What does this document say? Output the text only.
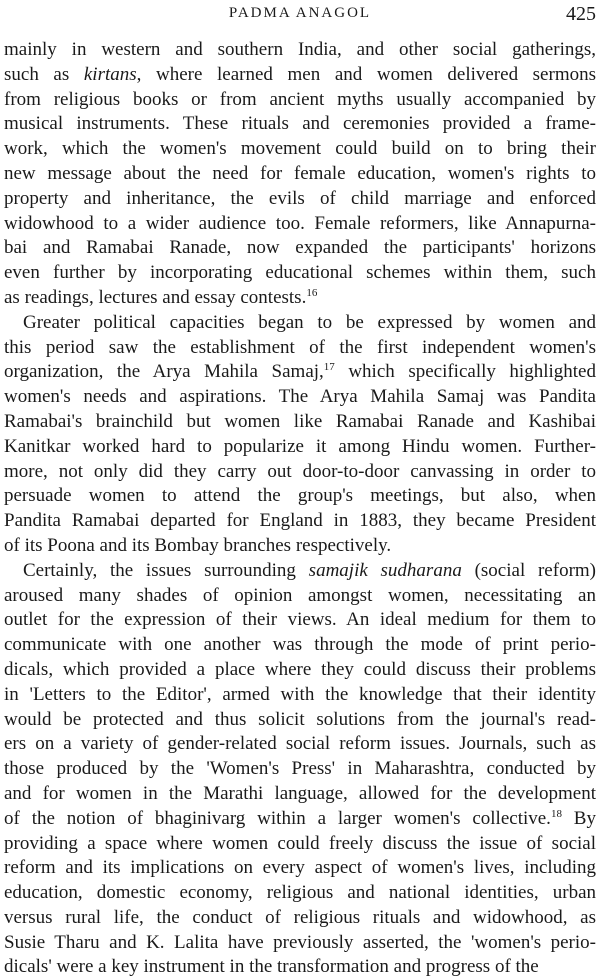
PADMA ANAGOL	425
mainly in western and southern India, and other social gatherings,
such as kirtans, where learned men and women delivered sermons
from religious books or from ancient myths usually accompanied by
musical instruments. These rituals and ceremonies provided a frame-
work, which the women's movement could build on to bring their
new message about the need for female education, women's rights to
property and inheritance, the evils of child marriage and enforced
widowhood to a wider audience too. Female reformers, like Annapurna-
bai and Ramabai Ranade, now expanded the participants' horizons
even further by incorporating educational schemes within them, such
as readings, lectures and essay contests.$^{16}$
Greater political capacities began to be expressed by women and
this period saw the establishment of the first independent women's
organization, the Arya Mahila Samaj,$^{17}$ which specifically highlighted
women's needs and aspirations. The Arya Mahila Samaj was Pandita
Ramabai's brainchild but women like Ramabai Ranade and Kashibai
Kanitkar worked hard to popularize it among Hindu women. Further-
more, not only did they carry out door-to-door canvassing in order to
persuade women to attend the group's meetings, but also, when
Pandita Ramabai departed for England in 1883, they became President
of its Poona and its Bombay branches respectively.
Certainly, the issues surrounding samajik sudharana (social reform)
aroused many shades of opinion amongst women, necessitating an
outlet for the expression of their views. An ideal medium for them to
communicate with one another was through the mode of print perio-
dicals, which provided a place where they could discuss their problems
in 'Letters to the Editor', armed with the knowledge that their identity
would be protected and thus solicit solutions from the journal's read-
ers on a variety of gender-related social reform issues. Journals, such as
those produced by the 'Women's Press' in Maharashtra, conducted by
and for women in the Marathi language, allowed for the development
of the notion of bhaginivarg within a larger women's collective.$^{18}$ By
providing a space where women could freely discuss the issue of social
reform and its implications on every aspect of women's lives, including
education, domestic economy, religious and national identities, urban
versus rural life, the conduct of religious rituals and widowhood, as
Susie Tharu and K. Lalita have previously asserted, the 'women's perio-
dicals' were a key instrument in the transformation and progress of the
